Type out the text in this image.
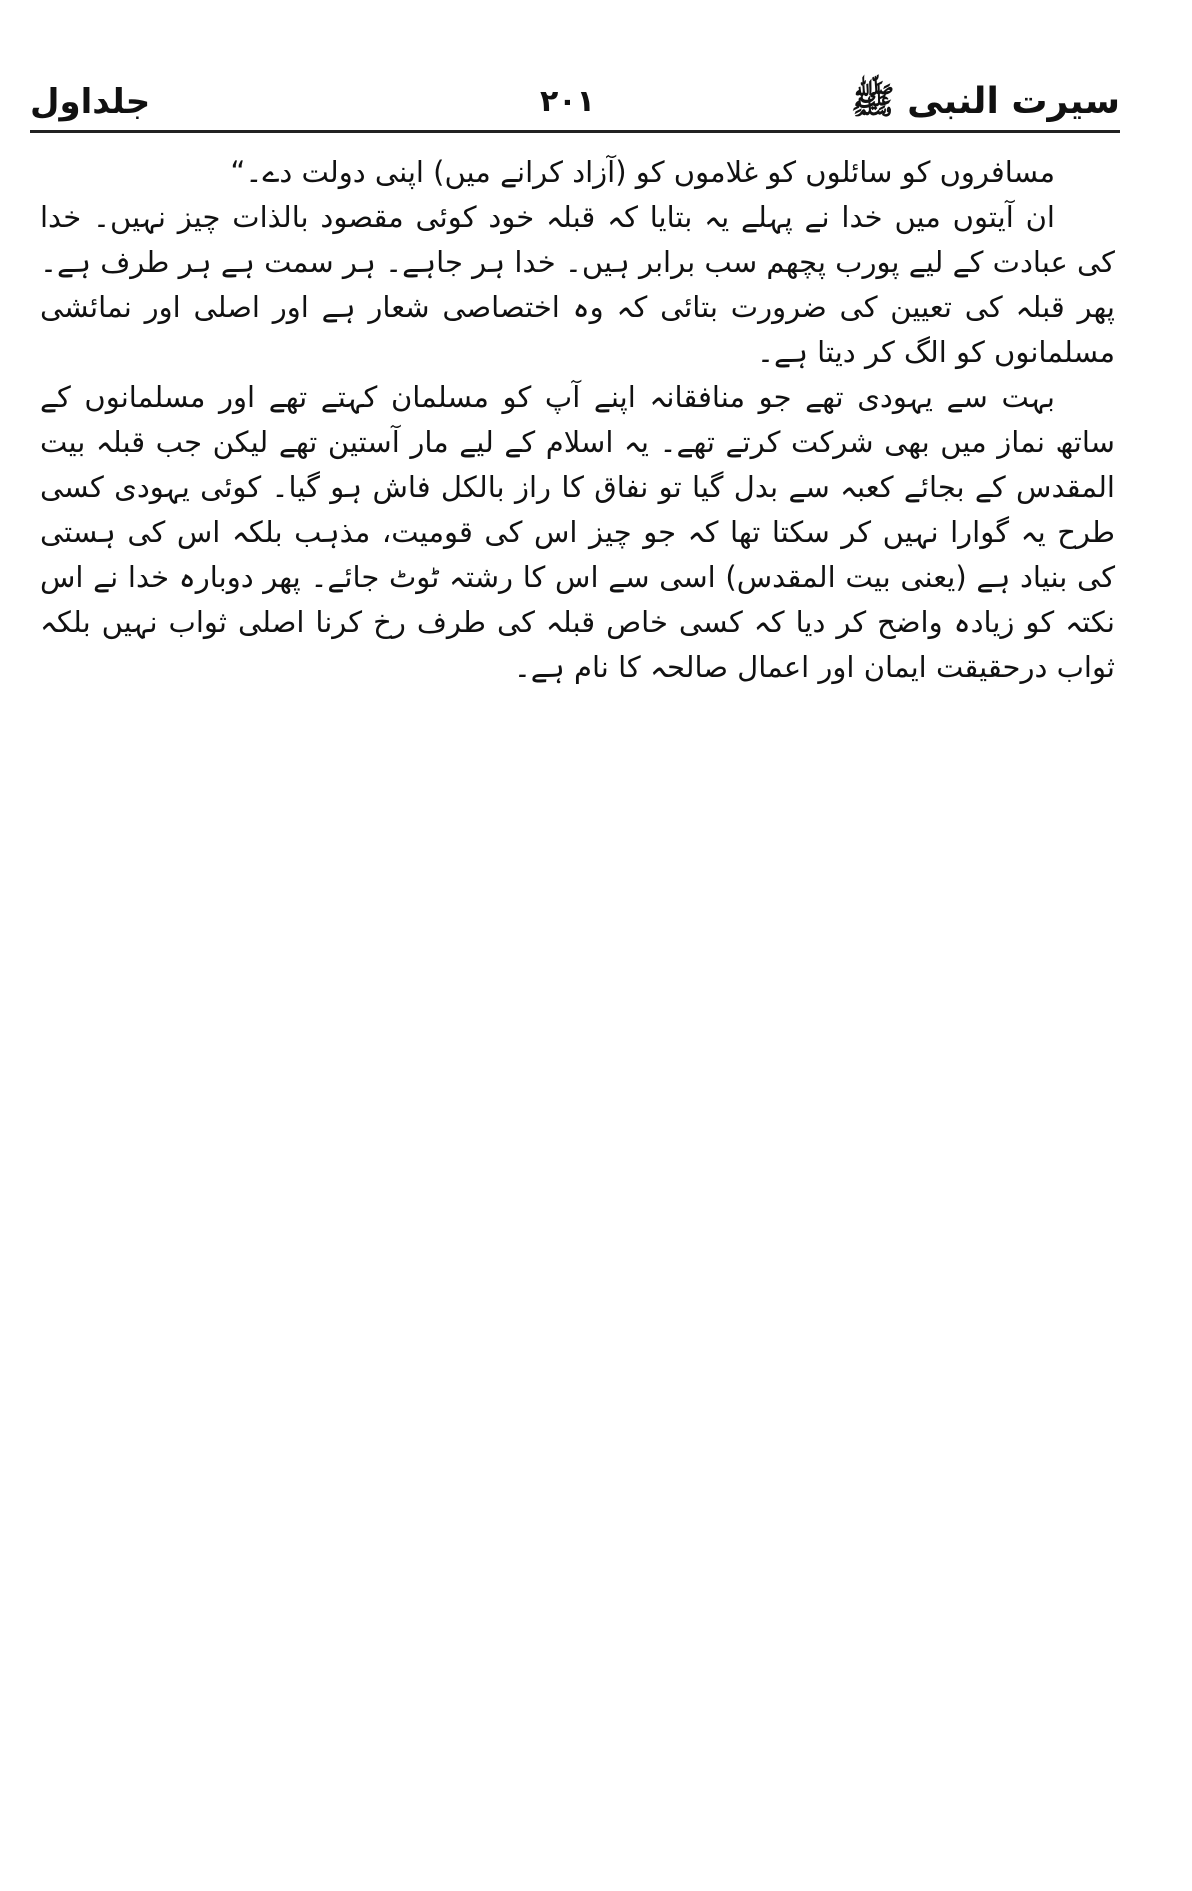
سیرت النبی ﷺ
۲۰۱
جلداول

مسافروں کو سائلوں کو غلاموں کو (آزاد کرانے میں) اپنی دولت دے۔“

ان آیتوں میں خدا نے پہلے یہ بتایا کہ قبلہ خود کوئی مقصود بالذات چیز نہیں۔ خدا کی عبادت کے لیے پورب پچھم سب برابر ہیں۔ خدا ہر جاہے۔ ہر سمت ہے ہر طرف ہے۔ پھر قبلہ کی تعیین کی ضرورت بتائی کہ وہ اختصاصی شعار ہے اور اصلی اور نمائشی مسلمانوں کو الگ کر دیتا ہے۔

بہت سے یہودی تھے جو منافقانہ اپنے آپ کو مسلمان کہتے تھے اور مسلمانوں کے ساتھ نماز میں بھی شرکت کرتے تھے۔ یہ اسلام کے لیے مار آستین تھے لیکن جب قبلہ بیت المقدس کے بجائے کعبہ سے بدل گیا تو نفاق کا راز بالکل فاش ہو گیا۔ کوئی یہودی کسی طرح یہ گوارا نہیں کر سکتا تھا کہ جو چیز اس کی قومیت، مذہب بلکہ اس کی ہستی کی بنیاد ہے (یعنی بیت المقدس) اسی سے اس کا رشتہ ٹوٹ جائے۔ پھر دوبارہ خدا نے اس نکتہ کو زیادہ واضح کر دیا کہ کسی خاص قبلہ کی طرف رخ کرنا اصلی ثواب نہیں بلکہ ثواب درحقیقت ایمان اور اعمال صالحہ کا نام ہے۔
